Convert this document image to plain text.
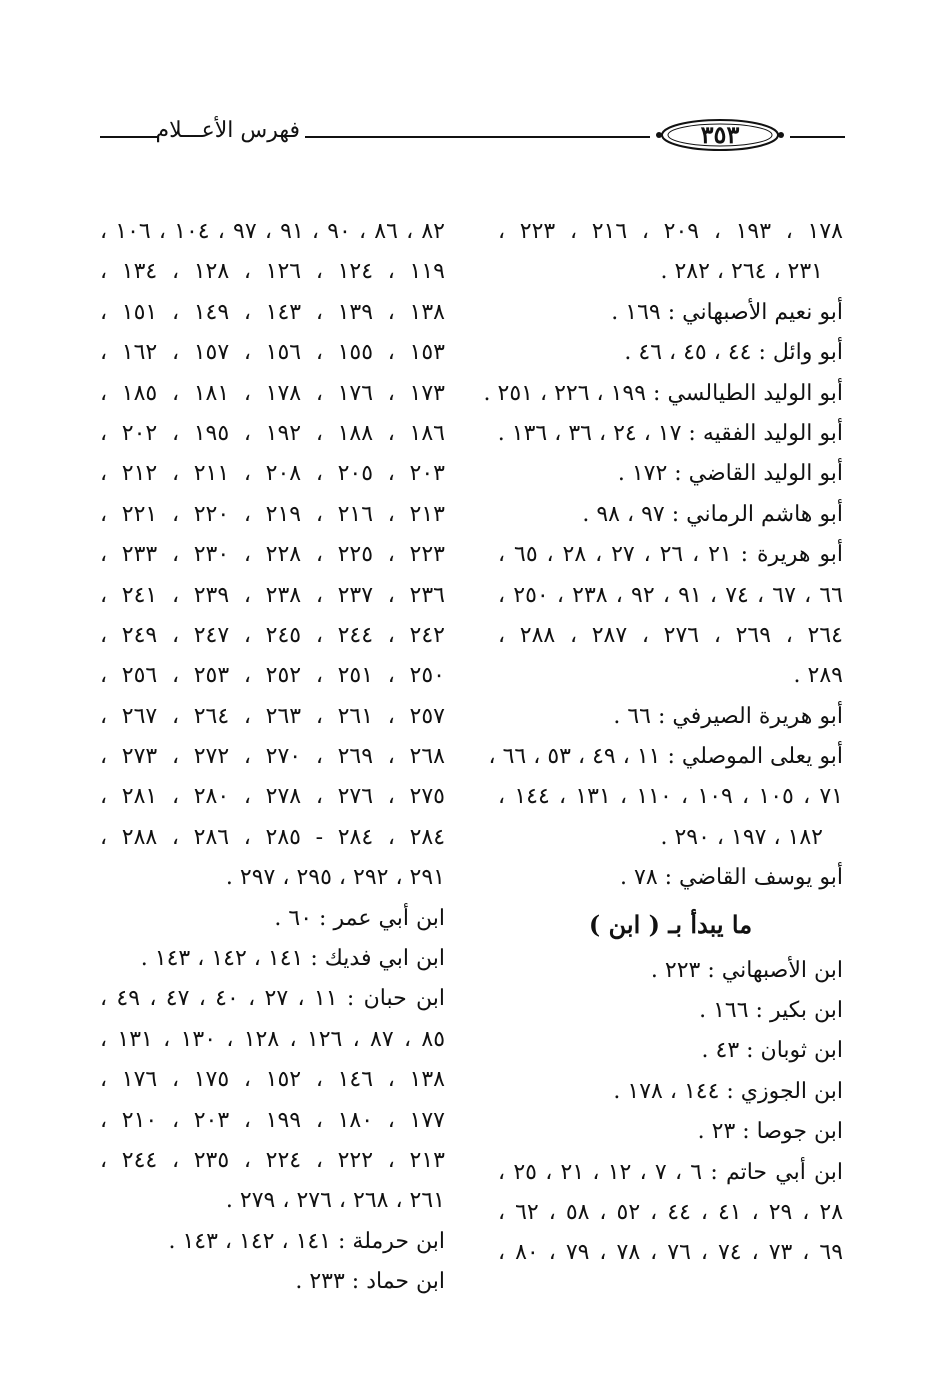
فهرس الأعـــلام	٣٥٣
١٧٨ ، ١٩٣ ، ٢٠٩ ، ٢١٦ ، ٢٢٣ ،
٢٣١ ، ٢٦٤ ، ٢٨٢ .
أبو نعيم الأصبهاني : ١٦٩ .
أبو وائل : ٤٤ ، ٤٥ ، ٤٦ .
أبو الوليد الطيالسي : ١٩٩ ، ٢٢٦ ، ٢٥١ .
أبو الوليد الفقيه : ١٧ ، ٢٤ ، ٣٦ ، ١٣٦ .
أبو الوليد القاضي : ١٧٢ .
أبو هاشم الرماني : ٩٧ ، ٩٨ .
أبو هريرة : ٢١ ، ٢٦ ، ٢٧ ، ٢٨ ، ٦٥ ،
٦٦ ، ٦٧ ، ٧٤ ، ٩١ ، ٩٢ ، ٢٣٨ ، ٢٥٠ ،
٢٦٤ ، ٢٦٩ ، ٢٧٦ ، ٢٨٧ ، ٢٨٨ ،
٢٨٩ .
أبو هريرة الصيرفي : ٦٦ .
أبو يعلى الموصلي : ١١ ، ٤٩ ، ٥٣ ، ٦٦ ،
٧١ ، ١٠٥ ، ١٠٩ ، ١١٠ ، ١٣١ ، ١٤٤ ،
١٨٢ ، ١٩٧ ، ٢٩٠ .
أبو يوسف القاضي : ٧٨ .
ما يبدأ بـ ( ابن )
ابن الأصبهاني : ٢٢٣ .
ابن بكير : ١٦٦ .
ابن ثوبان : ٤٣ .
ابن الجوزي : ١٤٤ ، ١٧٨ .
ابن جوصا : ٢٣ .
ابن أبي حاتم : ٦ ، ٧ ، ١٢ ، ٢١ ، ٢٥ ،
٢٨ ، ٢٩ ، ٤١ ، ٤٤ ، ٥٢ ، ٥٨ ، ٦٢ ،
٦٩ ، ٧٣ ، ٧٤ ، ٧٦ ، ٧٨ ، ٧٩ ، ٨٠ ،
٨٢ ، ٨٦ ، ٩٠ ، ٩١ ، ٩٧ ، ١٠٤ ، ١٠٦ ،
١١٩ ، ١٢٤ ، ١٢٦ ، ١٢٨ ، ١٣٤ ،
١٣٨ ، ١٣٩ ، ١٤٣ ، ١٤٩ ، ١٥١ ،
١٥٣ ، ١٥٥ ، ١٥٦ ، ١٥٧ ، ١٦٢ ،
١٧٣ ، ١٧٦ ، ١٧٨ ، ١٨١ ، ١٨٥ ،
١٨٦ ، ١٨٨ ، ١٩٢ ، ١٩٥ ، ٢٠٢ ،
٢٠٣ ، ٢٠٥ ، ٢٠٨ ، ٢١١ ، ٢١٢ ،
٢١٣ ، ٢١٦ ، ٢١٩ ، ٢٢٠ ، ٢٢١ ،
٢٢٣ ، ٢٢٥ ، ٢٢٨ ، ٢٣٠ ، ٢٣٣ ،
٢٣٦ ، ٢٣٧ ، ٢٣٨ ، ٢٣٩ ، ٢٤١ ،
٢٤٢ ، ٢٤٤ ، ٢٤٥ ، ٢٤٧ ، ٢٤٩ ،
٢٥٠ ، ٢٥١ ، ٢٥٢ ، ٢٥٣ ، ٢٥٦ ،
٢٥٧ ، ٢٦١ ، ٢٦٣ ، ٢٦٤ ، ٢٦٧ ،
٢٦٨ ، ٢٦٩ ، ٢٧٠ ، ٢٧٢ ، ٢٧٣ ،
٢٧٥ ، ٢٧٦ ، ٢٧٨ ، ٢٨٠ ، ٢٨١ ،
٢٨٤ ، ٢٨٤ - ٢٨٥ ، ٢٨٦ ، ٢٨٨ ،
٢٩١ ، ٢٩٢ ، ٢٩٥ ، ٢٩٧ .
ابن أبي عمر : ٦٠ .
ابن ابي فديك : ١٤١ ، ١٤٢ ، ١٤٣ .
ابن حبان : ١١ ، ٢٧ ، ٤٠ ، ٤٧ ، ٤٩ ،
٨٥ ، ٨٧ ، ١٢٦ ، ١٢٨ ، ١٣٠ ، ١٣١ ،
١٣٨ ، ١٤٦ ، ١٥٢ ، ١٧٥ ، ١٧٦ ،
١٧٧ ، ١٨٠ ، ١٩٩ ، ٢٠٣ ، ٢١٠ ،
٢١٣ ، ٢٢٢ ، ٢٢٤ ، ٢٣٥ ، ٢٤٤ ،
٢٦١ ، ٢٦٨ ، ٢٧٦ ، ٢٧٩ .
ابن حرملة : ١٤١ ، ١٤٢ ، ١٤٣ .
ابن حماد : ٢٣٣ .
